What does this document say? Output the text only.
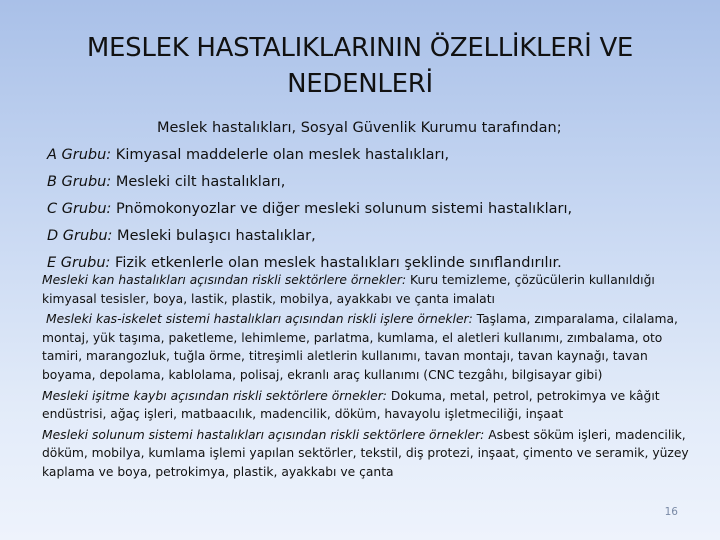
MESLEK HASTALIKLARININ ÖZELLİKLERİ VE NEDENLERİ
Meslek hastalıkları, Sosyal Güvenlik Kurumu tarafından;
A Grubu: Kimyasal maddelerle olan meslek hastalıkları,
B Grubu: Mesleki cilt hastalıkları,
C Grubu: Pnömokonyozlar ve diğer mesleki solunum sistemi hastalıkları,
D Grubu: Mesleki bulaşıcı hastalıklar,
E Grubu: Fizik etkenlerle olan meslek hastalıkları şeklinde sınıflandırılır.

Mesleki kan hastalıkları açısından riskli sektörlere örnekler: Kuru temizleme, çözücülerin kullanıldığı kimyasal tesisler, boya, lastik, plastik, mobilya, ayakkabı ve çanta imalatı

Mesleki kas-iskelet sistemi hastalıkları açısından riskli işlere örnekler: Taşlama, zımparalama, cilalama, montaj, yük taşıma, paketleme, lehimleme, parlatma, kumlama, el aletleri kullanımı, zımbalama, oto tamiri, marangozluk, tuğla örme, titreşimli aletlerin kullanımı, tavan montajı, tavan kaynağı, tavan boyama, depolama, kablolama, polisaj, ekranlı araç kullanımı (CNC tezgâhı, bilgisayar gibi)

Mesleki işitme kaybı açısından riskli sektörlere örnekler: Dokuma, metal, petrol, petrokimya ve kâğıt endüstrisi, ağaç işleri, matbaacılık, madencilik, döküm, havayolu işletmeciliği, inşaat

Mesleki solunum sistemi hastalıkları açısından riskli sektörlere örnekler: Asbest söküm işleri, madencilik, döküm, mobilya, kumlama işlemi yapılan sektörler, tekstil, diş protezi, inşaat, çimento ve seramik, yüzey kaplama ve boya, petrokimya, plastik, ayakkabı ve çanta

16
